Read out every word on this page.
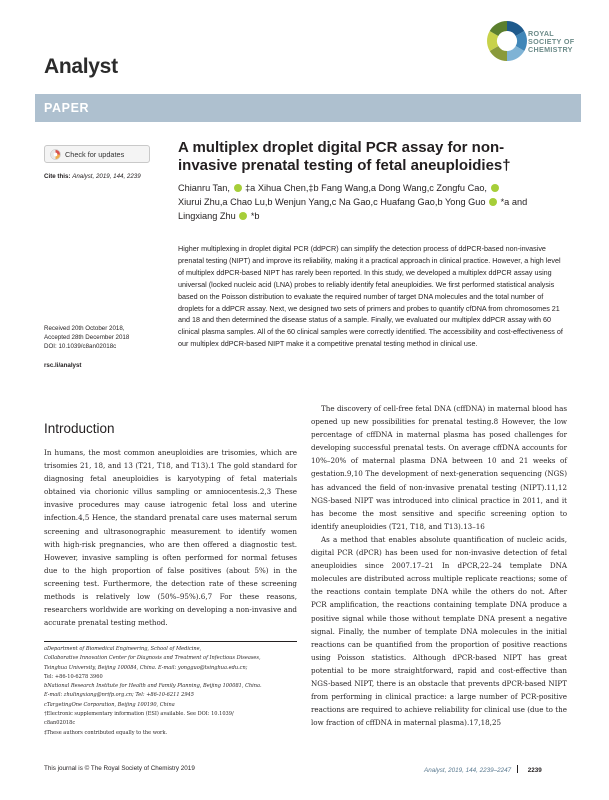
Analyst
ROYAL SOCIETY OF CHEMISTRY
PAPER
Check for updates
Cite this: Analyst, 2019, 144, 2239
Received 20th October 2018,
Accepted 28th December 2018
DOI: 10.1039/c8an02018c
rsc.li/analyst
A multiplex droplet digital PCR assay for non-invasive prenatal testing of fetal aneuploidies†
Chianru Tan, ‡a Xihua Chen,‡b Fang Wang,a Dong Wang,c Zongfu Cao,
Xiurui Zhu,a Chao Lu,b Wenjun Yang,c Na Gao,c Huafang Gao,b Yong Guo *a and
Lingxiang Zhu *b
Higher multiplexing in droplet digital PCR (ddPCR) can simplify the detection process of ddPCR-based non-invasive prenatal testing (NIPT) and improve its reliability, making it a practical approach in clinical practice. However, a high level of multiplex ddPCR-based NIPT has rarely been reported. In this study, we developed a multiplex ddPCR assay using universal (locked nucleic acid (LNA) probes to reliably identify fetal aneuploidies. We first performed statistical analysis based on the Poisson distribution to evaluate the required number of target DNA molecules and the total number of droplets for a ddPCR assay. Next, we designed two sets of primers and probes to quantify cfDNA from chromosomes 21 and 18 and then determined the disease status of a sample. Finally, we evaluated our multiplex ddPCR assay with 60 clinical plasma samples. All of the 60 clinical samples were correctly identified. The accessibility and cost-effectiveness of our multiplex ddPCR-based NIPT make it a competitive prenatal testing method in clinical use.
Introduction

In humans, the most common aneuploidies are trisomies, which are trisomies 21, 18, and 13 (T21, T18, and T13).1 The gold standard for diagnosing fetal aneuploidies is karyotyping of fetal materials obtained via chorionic villus sampling or amniocentesis.2,3 These invasive procedures may cause iatrogenic fetal loss and uterine infection.4,5 Hence, the standard prenatal care uses maternal serum screening and ultrasonographic measurement to identify women with high-risk pregnancies, who are then offered a diagnostic test. However, invasive sampling is often performed for normal fetuses due to the high proportion of false positives (about 5%) in the screening test. Furthermore, the detection rate of these screening methods is relatively low (50%–95%).6,7 For these reasons, researchers worldwide are working on developing a non-invasive and accurate prenatal testing method.

The discovery of cell-free fetal DNA (cffDNA) in maternal blood has opened up new possibilities for prenatal testing.8 However, the low percentage of cffDNA in maternal plasma has posed challenges for developing successful prenatal tests. On average cffDNA accounts for 10%–20% of maternal plasma DNA between 10 and 21 weeks of gestation.9,10 The development of next-generation sequencing (NGS) has advanced the field of non-invasive prenatal testing (NIPT).11,12 NGS-based NIPT was introduced into clinical practice in 2011, and it has become the most sensitive and specific screening option to identify aneuploidies (T21, T18, and T13).13–16

As a method that enables absolute quantification of nucleic acids, digital PCR (dPCR) has been used for non-invasive detection of fetal aneuploidies since 2007.17–21 In dPCR,22–24 template DNA molecules are distributed across multiple replicate reactions; some of the reactions contain template DNA while the others do not. After PCR amplification, the reactions containing template DNA produce a positive signal while those without template DNA present a negative signal. Finally, the number of template DNA molecules in the initial reactions can be quantified from the proportion of positive reactions using Poisson statistics. Although dPCR-based NIPT has great potential to be more straightforward, rapid and cost-effective than NGS-based NIPT, there is an obstacle that prevents dPCR-based NIPT from performing in clinical practice: a large number of PCR-positive reactions are required to achieve reliability for clinical use (due to the low fraction of cffDNA in maternal plasma).17,18,25

aDepartment of Biomedical Engineering, School of Medicine,

Collaborative Innovation Center for Diagnosis and Treatment of Infectious Diseases,

Tsinghua University, Beijing 100084, China. E-mail: yongguo@tsinghua.edu.cn;

Tel: +86-10-6278 3960

bNational Research Institute for Health and Family Planning, Beijing 100081, China.

E-mail: zhulingxiang@nrifp.org.cn; Tel: +86-10-6211 2945

cTargetingOne Corporation, Beijing 100190, China

†Electronic supplementary information (ESI) available. See DOI: 10.1039/

c8an02018c

‡These authors contributed equally to the work.

This journal is © The Royal Society of Chemistry 2019	Analyst, 2019, 144, 2239–2247	2239
